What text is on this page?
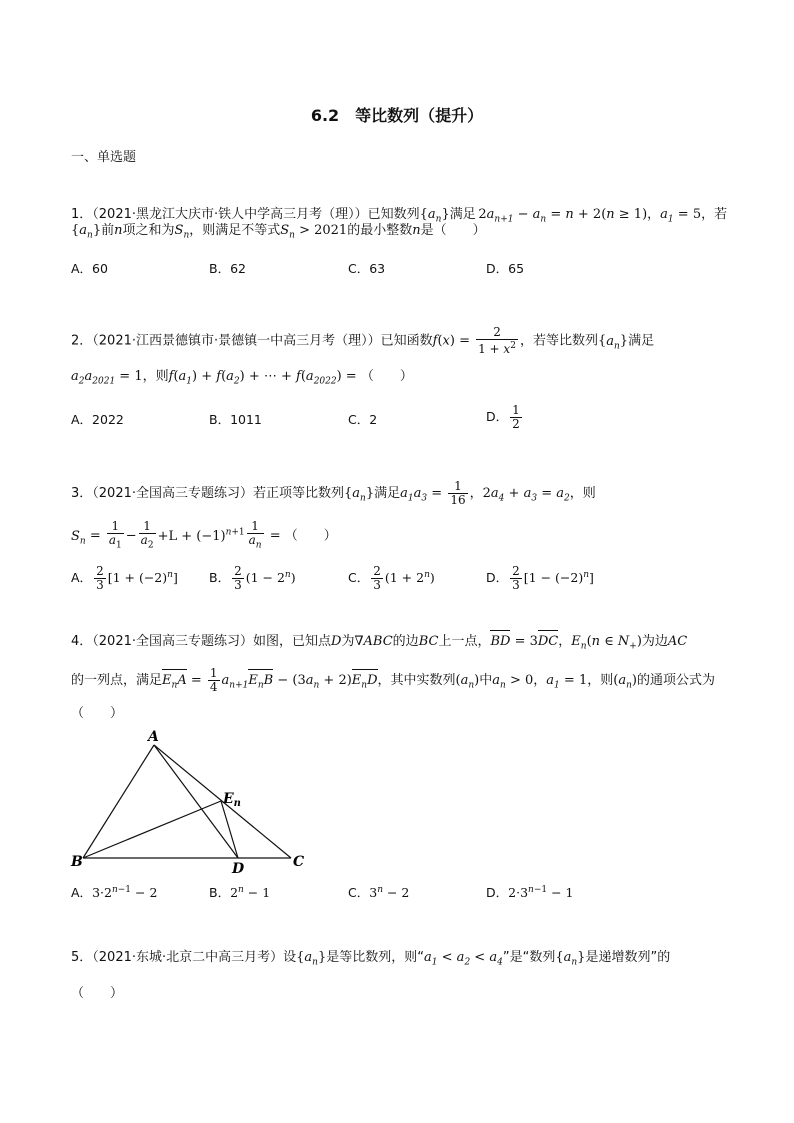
6.2　等比数列（提升）
一、单选题
1．（2021·黑龙江大庆市·铁人中学高三月考（理））已知数列$\{a_n\}$满足 $2a_{n+1} - a_n = n + 2(n \ge 1)$，$a_1 = 5$，若
$\{a_n\}$前n项之和为$S_n$，则满足不等式$S_n > 2021$的最小整数n是（　　）
A．60	B．62	C．63	D．65
2．（2021·江西景德镇市·景德镇一中高三月考（理））已知函数$f(x) = \frac{2}{1 + x^2}$ ，若等比数列$\{a_n\}$满足
$a_2a_{2021} = 1$，则$f(a_1) + f(a_2)$ + ⋯ + $f(a_{2022})$ = （　　）
A．2022	B．1011	C．2	D． $\frac{1}{2}$
3．（2021·全国高三专题练习）若正项等比数列$\{a_n\}$满足$a_1a_3 = \frac{1}{16}$ ，$2a_4 + a_3 = a_2$，则
$S_n = \frac{1}{a_1} - \frac{1}{a_2} +L + (-1)^{n+1} \frac{1}{a_n}$ = （　　）
A． $\frac{2}{3} [1 + (-2)^n]$ B． $\frac{2}{3} (1 - 2^n)$	C． $\frac{2}{3} (1 + 2^n)$	D． $\frac{2}{3} [1 - (-2)^n]$
4．（2021·全国高三专题练习）如图，已知点D为∇ABC的边BC上一点，BD = 3DC，$E_n(n$ ∈ $N_+$)为边AC
的一列点，满足$E_nA = \frac{1}{4} a_{n+1}E_nB - (3a_n + 2)E_nD$，其中实数列$(a_n)$中$a_n > 0$，$a_1 = 1$，则$(a_n)$的通项公式为
（　　）
A
B	C
D
$E_n$
A．$3\cdot 2^{n-1} - 2$	B．$2^n - 1$	C．$3^n - 2$	D．$2\cdot 3^{n-1} - 1$
5．（2021·东城·北京二中高三月考）设$\{a_n\}$是等比数列，则“$a_1 < a_2 < a_4$”是“数列$\{a_n\}$是递增数列”的
（　　）
